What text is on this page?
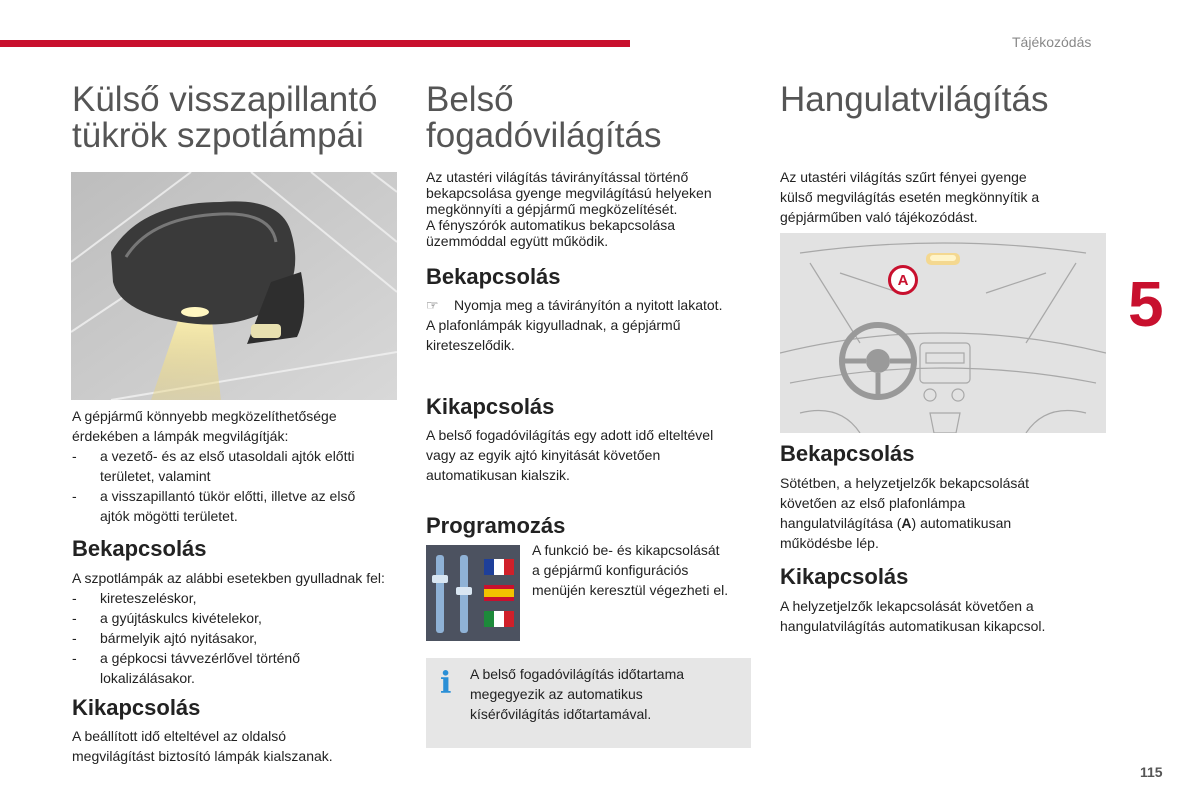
Tájékozódás
5
115
Külső visszapillantó
tükrök szpotlámpái

A gépjármű könnyebb megközelíthetősége

érdekében a lámpák megvilágítják:

- a vezető- és az első utasoldali ajtók előtti
területet, valamint
- a visszapillantó tükör előtti, illetve az első
ajtók mögötti területet.
Bekapcsolás

A szpotlámpák az alábbi esetekben gyulladnak fel:

- kireteszeléskor,
- a gyújtáskulcs kivételekor,
- bármelyik ajtó nyitásakor,
- a gépkocsi távvezérlővel történő
lokalizálásakor.
Kikapcsolás

A beállított idő elteltével az oldalsó

megvilágítást biztosító lámpák kialszanak.

Belső
fogadóvilágítás

Az utastéri világítás távirányítással történő

bekapcsolása gyenge megvilágítású helyeken

megkönnyíti a gépjármű megközelítését.

A fényszórók automatikus bekapcsolása

üzemmóddal együtt működik.

Bekapcsolás

☞ Nyomja meg a távirányítón a nyitott lakatot.

A plafonlámpák kigyulladnak, a gépjármű

kireteszelődik.

Kikapcsolás

A belső fogadóvilágítás egy adott idő elteltével

vagy az egyik ajtó kinyitását követően

automatikusan kialszik.

Programozás

A funkció be- és kikapcsolását

a gépjármű konfigurációs

menüjén keresztül végezheti el.

i A belső fogadóvilágítás időtartama

megegyezik az automatikus

kísérővilágítás időtartamával.

Hangulatvilágítás

Az utastéri világítás szűrt fényei gyenge

külső megvilágítás esetén megkönnyítik a

gépjárműben való tájékozódást.

A
Bekapcsolás

Sötétben, a helyzetjelzők bekapcsolását

követően az első plafonlámpa

hangulatvilágítása (A) automatikusan

működésbe lép.

Kikapcsolás

A helyzetjelzők lekapcsolását követően a

hangulatvilágítás automatikusan kikapcsol.
